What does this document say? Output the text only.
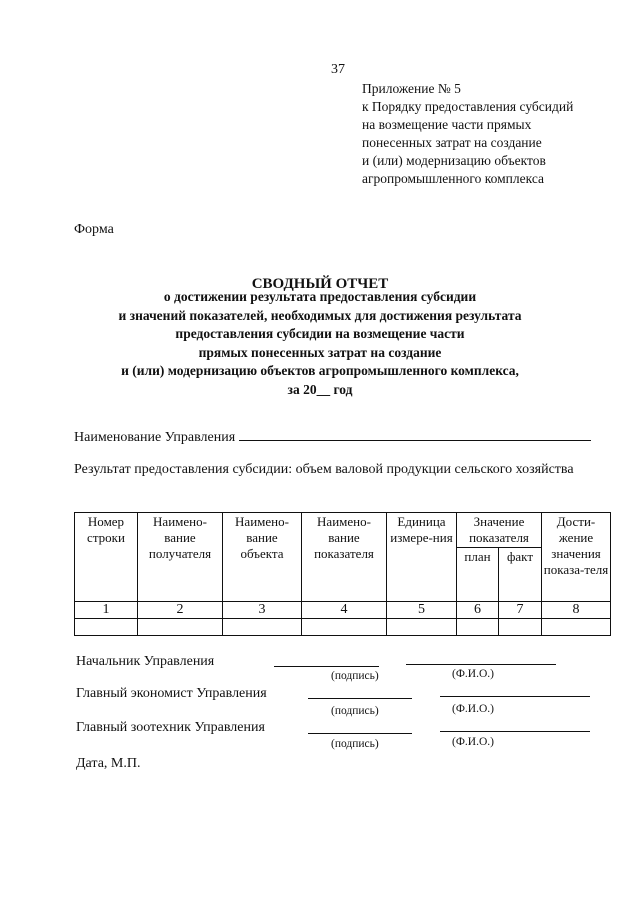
37
Приложение № 5
к Порядку предоставления субсидий
на возмещение части прямых
понесенных затрат на создание
и (или) модернизацию объектов
агропромышленного комплекса
Форма
СВОДНЫЙ ОТЧЕТ
о достижении результата предоставления субсидии
и значений показателей, необходимых для достижения результата
предоставления субсидии на возмещение части
прямых понесенных затрат на создание
и (или) модернизацию объектов агропромышленного комплекса,
за 20__ год
Наименование Управления
Результат предоставления субсидии: объем валовой продукции сельского хозяйства
Номер строки	Наимено-вание получателя	Наимено-вание объекта	Наимено-вание показателя	Единица измере-ния	Значение показателя		Дости-жение значения показа-теля
					план	факт	
1	2	3	4	5	6	7	8

Начальник Управления
(подпись)	(Ф.И.О.)
Главный экономист Управления
(подпись)	(Ф.И.О.)
Главный зоотехник Управления
(подпись)	(Ф.И.О.)
Дата, М.П.
